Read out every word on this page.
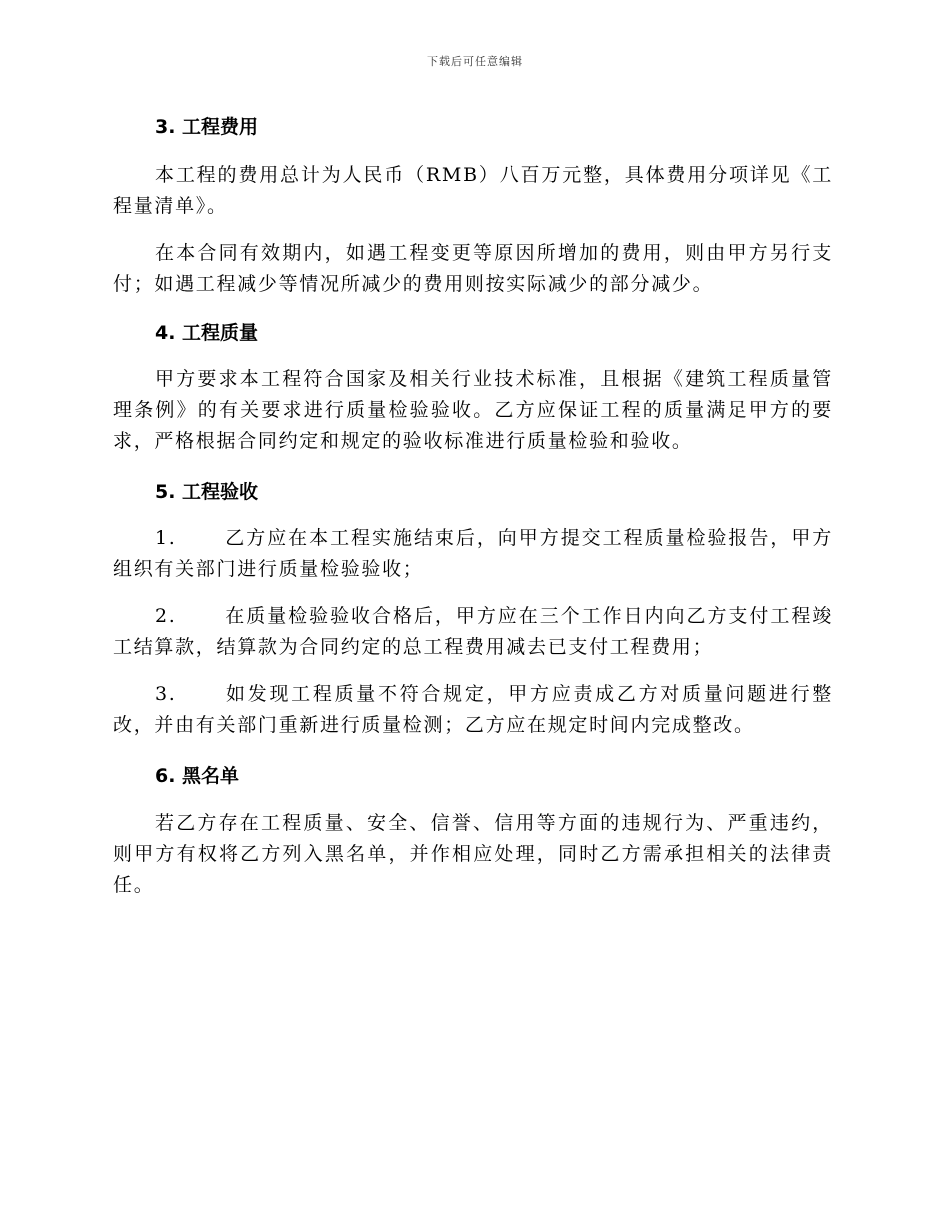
下载后可任意编辑
3. 工程费用

本工程的费用总计为人民币（RMB）八百万元整，具体费用分项详见《工程量清单》。

在本合同有效期内，如遇工程变更等原因所增加的费用，则由甲方另行支付；如遇工程减少等情况所减少的费用则按实际减少的部分减少。

4. 工程质量

甲方要求本工程符合国家及相关行业技术标准，且根据《建筑工程质量管理条例》的有关要求进行质量检验验收。乙方应保证工程的质量满足甲方的要求，严格根据合同约定和规定的验收标准进行质量检验和验收。

5. 工程验收

1.	乙方应在本工程实施结束后，向甲方提交工程质量检验报告，甲方组织有关部门进行质量检验验收；

2.	在质量检验验收合格后，甲方应在三个工作日内向乙方支付工程竣工结算款，结算款为合同约定的总工程费用减去已支付工程费用；

3.	如发现工程质量不符合规定，甲方应责成乙方对质量问题进行整改，并由有关部门重新进行质量检测；乙方应在规定时间内完成整改。

6. 黑名单

若乙方存在工程质量、安全、信誉、信用等方面的违规行为、严重违约，则甲方有权将乙方列入黑名单，并作相应处理，同时乙方需承担相关的法律责任。
